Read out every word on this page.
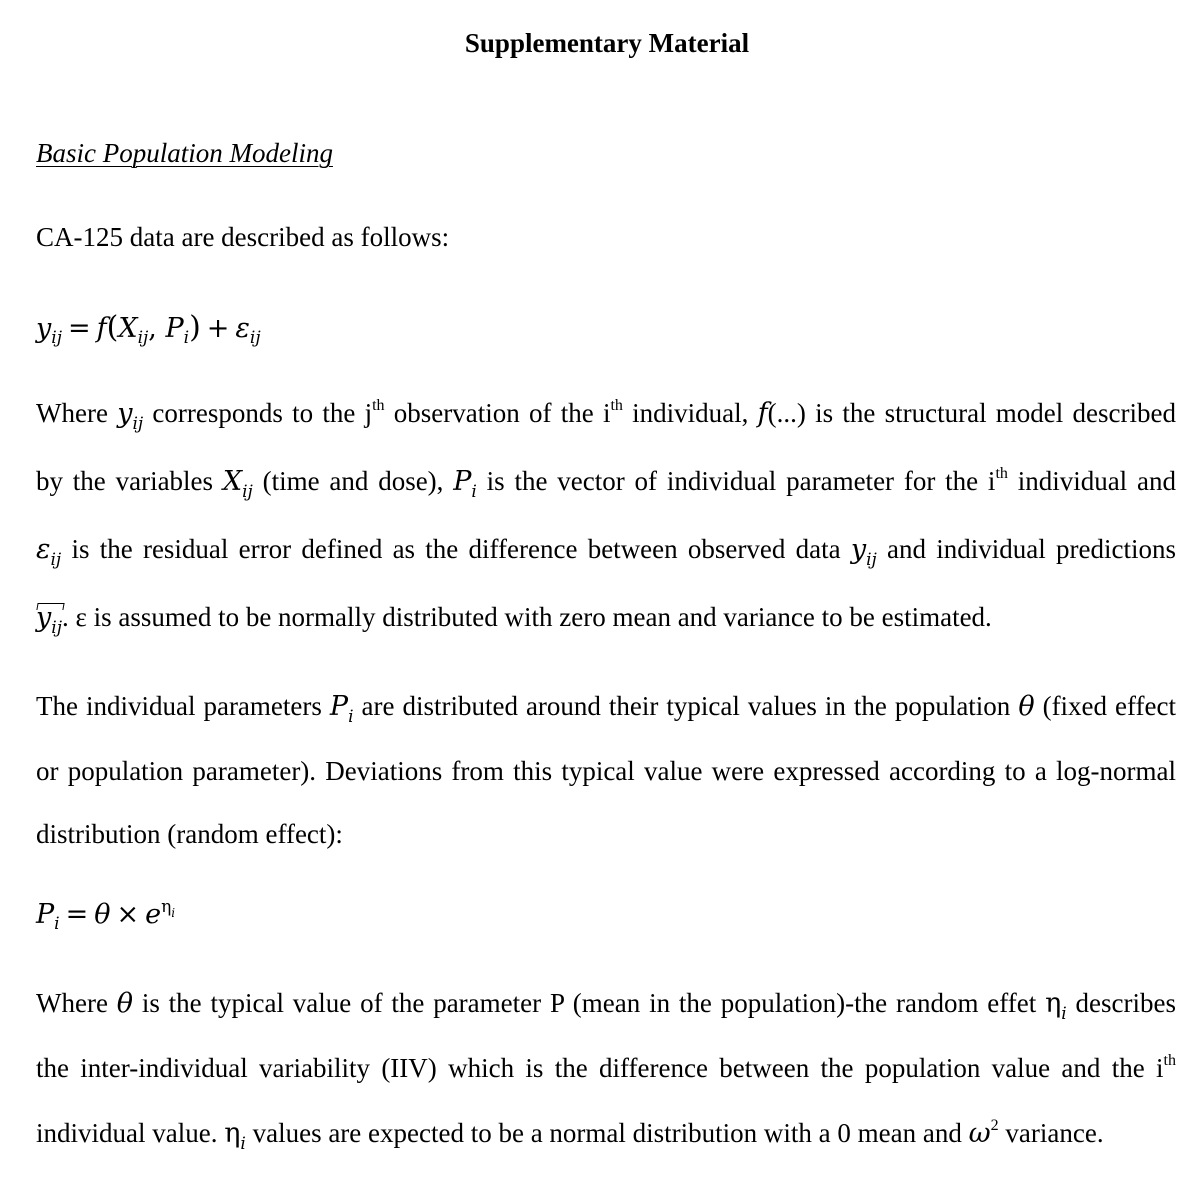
Supplementary Material
Basic Population Modeling
CA-125 data are described as follows:
$y_{ij} = f(X_{ij}$, $P_i) + \varepsilon_{ij}$
Where $y_{ij}$ corresponds to the $j^{th}$ observation of the $i^{th}$ individual, f(...) is the structural model described
by the variables $X_{ij}$ (time and dose), $P_i$ is the vector of individual parameter for the $i^{th}$ individual and
$\varepsilon_{ij}$ is the residual error defined as the difference between observed data $y_{ij}$ and individual predictions
$y_{ij}$. ε is assumed to be normally distributed with zero mean and variance to be estimated.
The individual parameters $P_i$ are distributed around their typical values in the population θ (fixed effect
or population parameter). Deviations from this typical value were expressed according to a log-normal
distribution (random effect):
$P_i = \theta \times e^{\eta i}$
Where θ is the typical value of the parameter P (mean in the population)-the random effet $\eta_i$ describes
the inter-individual variability (IIV) which is the difference between the population value and the $i^{th}$
individual value. $\eta_i$ values are expected to be a normal distribution with a 0 mean and $\omega^2$ variance.
